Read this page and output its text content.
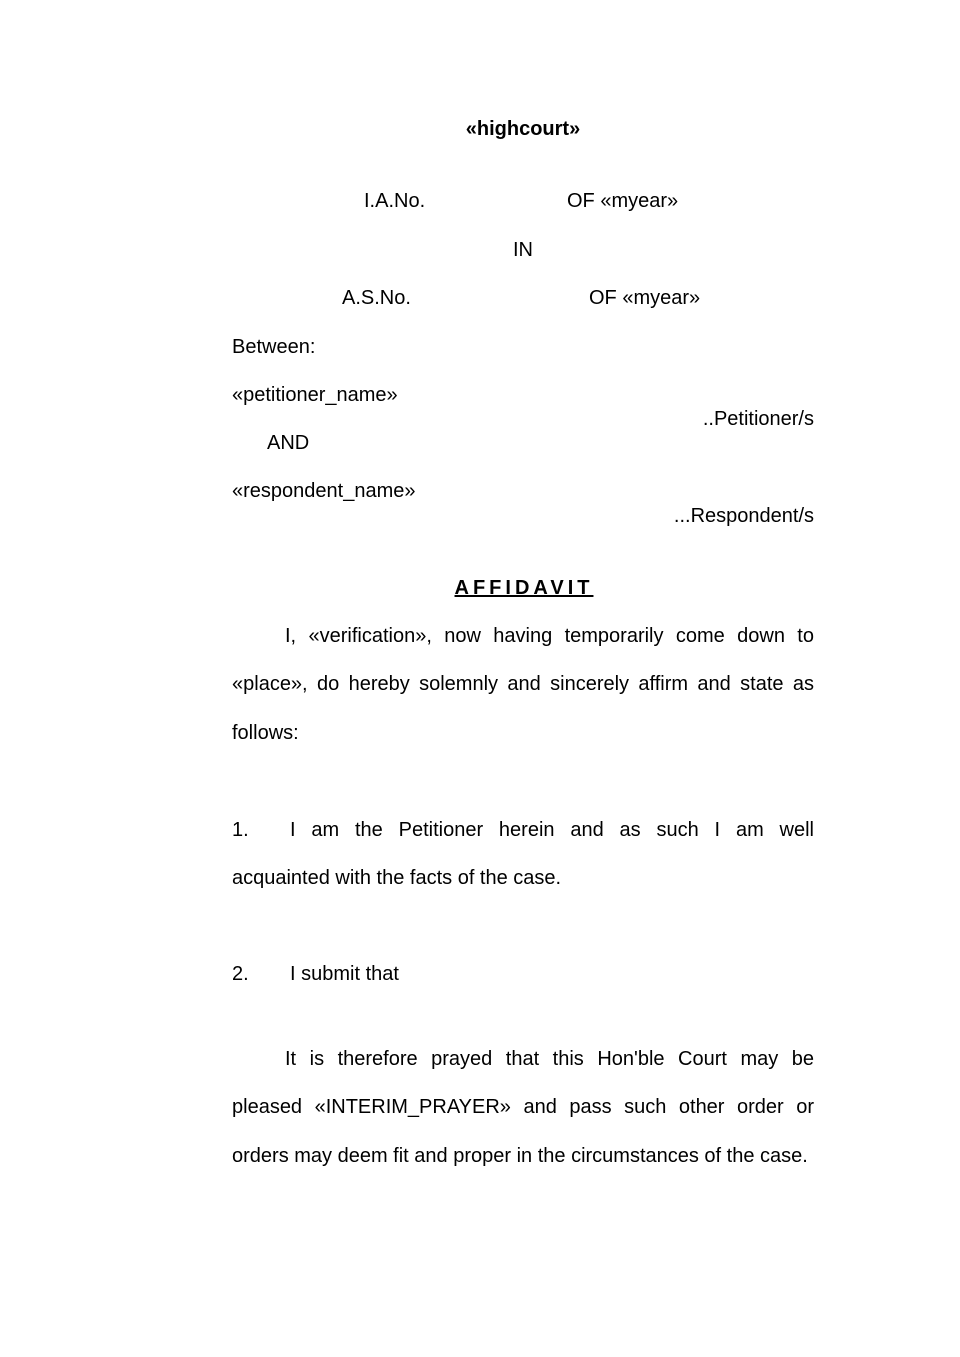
«highcourt»
I.A.No.	OF «myear»
IN
A.S.No.	OF «myear»
Between:
«petitioner_name»
..Petitioner/s
AND
«respondent_name»
...Respondent/s
AFFIDAVIT
I, «verification», now having temporarily come down to «place», do hereby solemnly and sincerely affirm and state as follows:
1. I am the Petitioner herein and as such I am well acquainted with the facts of the case.
2. I submit that
It is therefore prayed that this Hon'ble Court may be pleased «INTERIM_PRAYER» and pass such other order or orders may deem fit and proper in the circumstances of the case.
